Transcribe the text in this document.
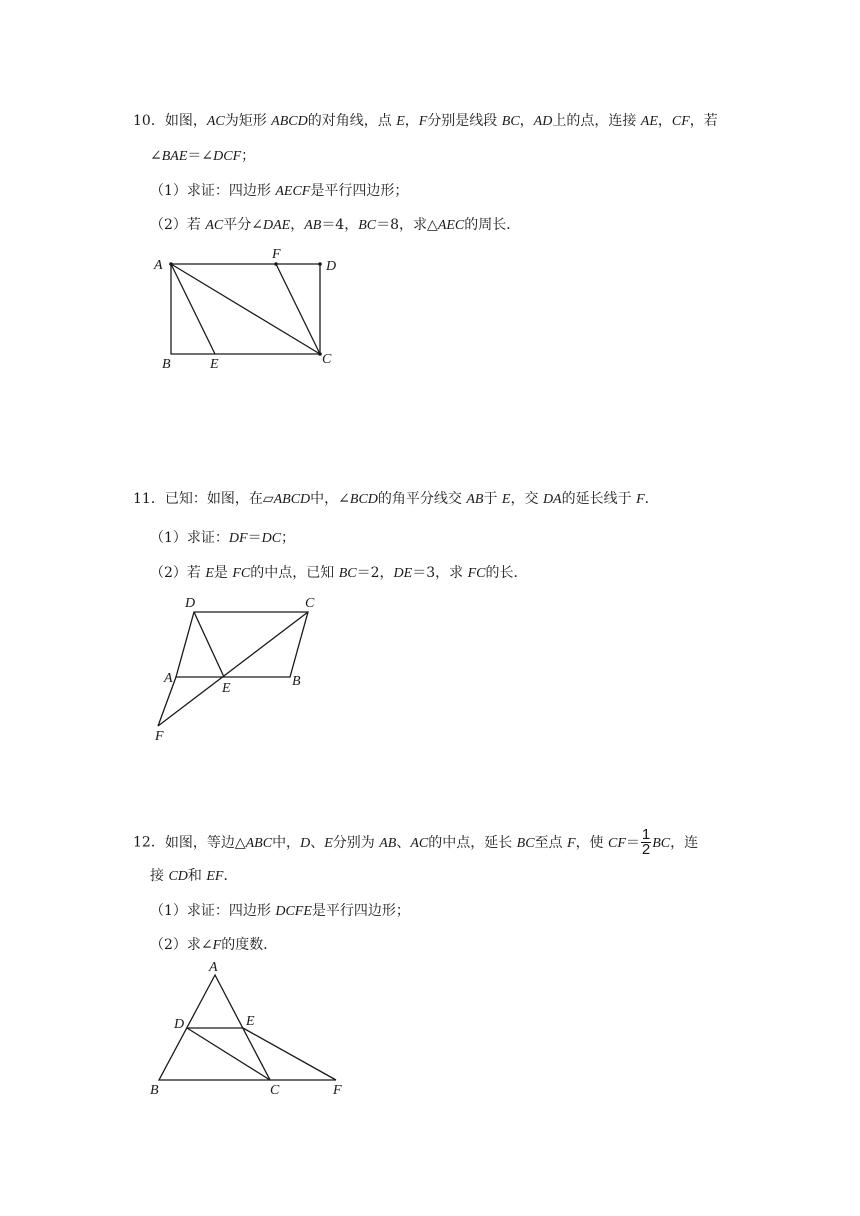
10．如图，AC为矩形 ABCD的对角线，点 E，F分别是线段 BC，AD上的点，连接 AE，CF，若
∠BAE＝∠DCF；
（1）求证：四边形 AECF是平行四边形；
（2）若 AC平分∠DAE，AB＝4，BC＝8，求△AEC的周长．
A
B	C
D
E
F
11．已知：如图，在▱ABCD中，∠BCD的角平分线交 AB于 E，交 DA的延长线于 F．
（1）求证：DF＝DC；
（2）若 E是 FC的中点，已知 BC＝2，DE＝3，求 FC的长．
D	C
A
E	B
F
12．如图，等边△ABC中，D、E分别为 AB、AC的中点，延长 BC至点 F，使 $CF= \frac{1}{2}$ BC，连
接 CD和 EF．
（1）求证：四边形 DCFE是平行四边形；
（2）求∠F的度数．
A
D	E
B	C	F
